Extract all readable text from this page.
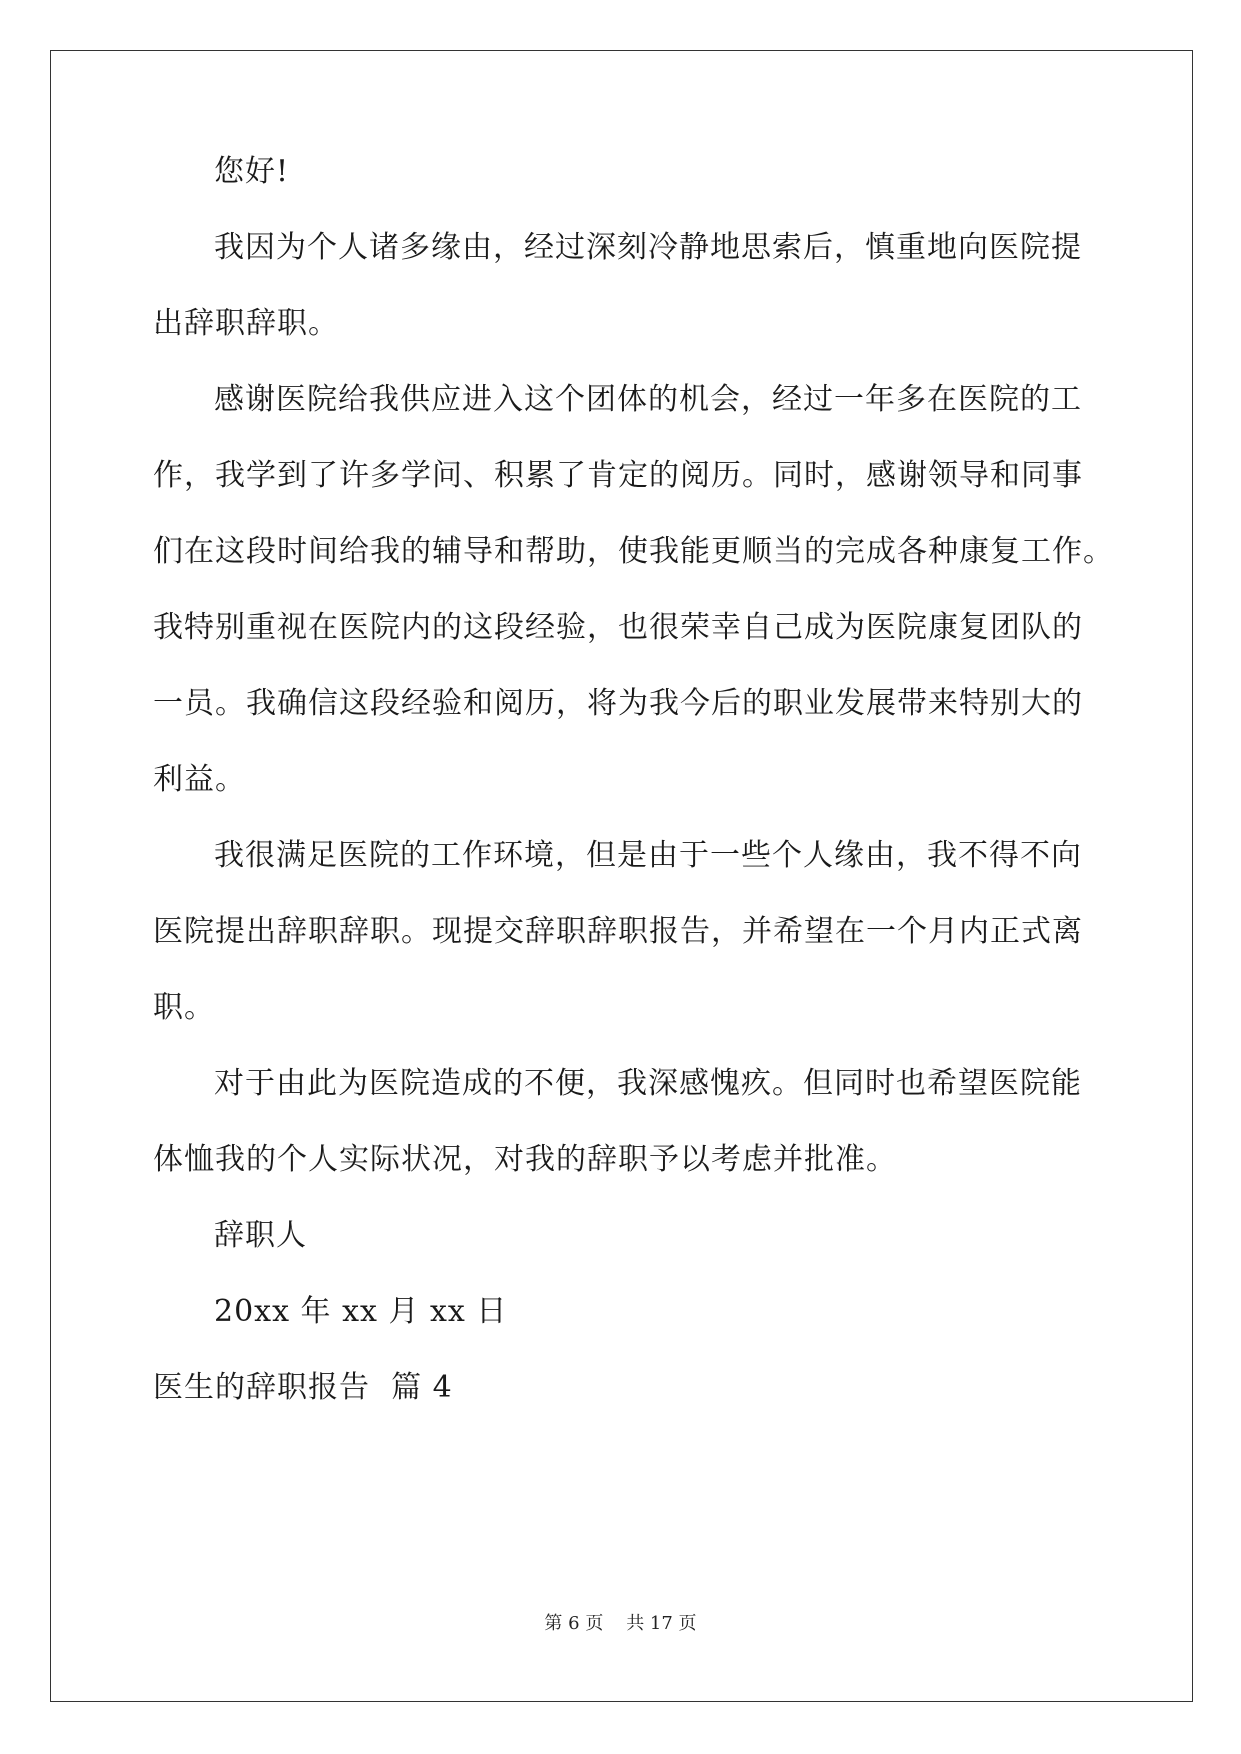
您好!
我因为个人诸多缘由，经过深刻冷静地思索后，慎重地向医院提
出辞职辞职。
感谢医院给我供应进入这个团体的机会，经过一年多在医院的工
作，我学到了许多学问、积累了肯定的阅历。同时，感谢领导和同事
们在这段时间给我的辅导和帮助，使我能更顺当的完成各种康复工作。
我特别重视在医院内的这段经验，也很荣幸自己成为医院康复团队的
一员。我确信这段经验和阅历，将为我今后的职业发展带来特别大的
利益。
我很满足医院的工作环境，但是由于一些个人缘由，我不得不向
医院提出辞职辞职。现提交辞职辞职报告，并希望在一个月内正式离
职。
对于由此为医院造成的不便，我深感愧疚。但同时也希望医院能
体恤我的个人实际状况，对我的辞职予以考虑并批准。
辞职人
20xx 年 xx 月 xx 日
医生的辞职报告  篇 4
第 6 页    共 17 页
